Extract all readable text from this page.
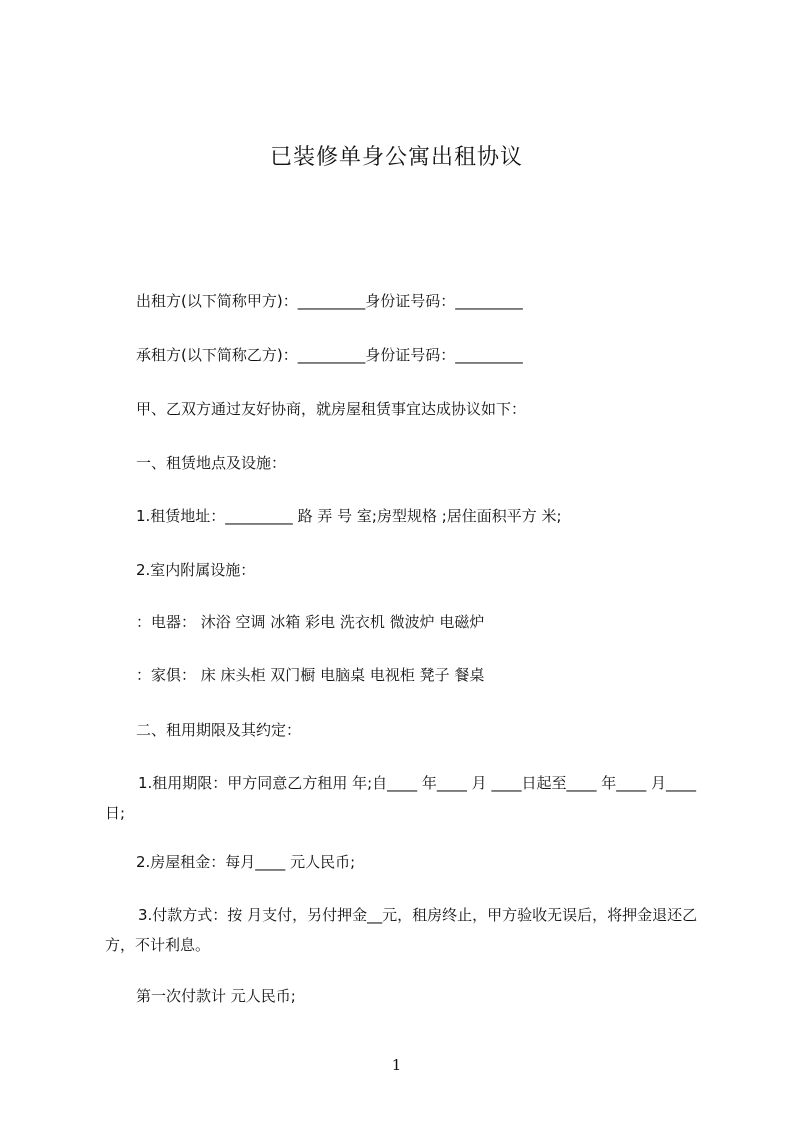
已装修单身公寓出租协议
出租方(以下简称甲方)：_________身份证号码：_________
承租方(以下简称乙方)：_________身份证号码：_________
甲、乙双方通过友好协商，就房屋租赁事宜达成协议如下：
一、租赁地点及设施：
1.租赁地址：_________ 路 弄 号 室;房型规格 ;居住面积平方 米;
2.室内附属设施：
：电器： 沐浴 空调 冰箱 彩电 洗衣机 微波炉 电磁炉
：家俱： 床 床头柜 双门橱 电脑桌 电视柜 凳子 餐桌
二、租用期限及其约定：
1.租用期限：甲方同意乙方租用 年;自____ 年____ 月 ____日起至____ 年____ 月____ 日;
2.房屋租金：每月____ 元人民币;
3.付款方式：按 月支付，另付押金__元，租房终止，甲方验收无误后，将押金退还乙方，不计利息。
第一次付款计 元人民币;
1
